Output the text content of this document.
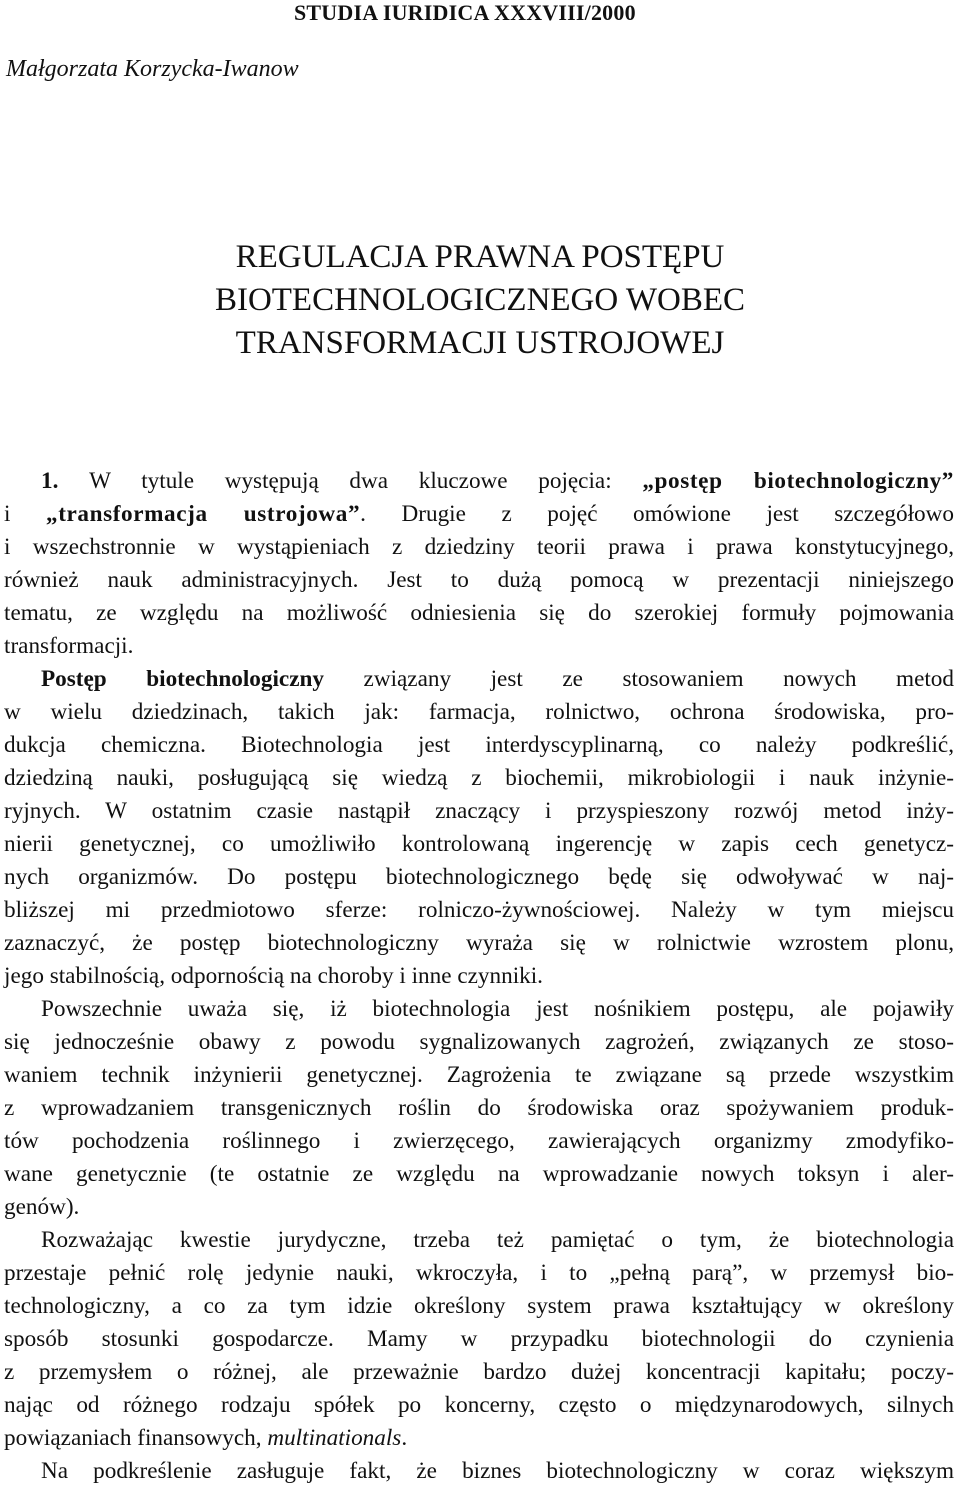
STUDIA IURIDICA XXXVIII/2000
Małgorzata Korzycka-Iwanow
REGULACJA PRAWNA POSTĘPU
BIOTECHNOLOGICZNEGO WOBEC
TRANSFORMACJI USTROJOWEJ
1. W tytule występują dwa kluczowe pojęcia: „postęp biotechnologiczny”
i „transformacja ustrojowa”. Drugie z pojęć omówione jest szczegółowo
i wszechstronnie w wystąpieniach z dziedziny teorii prawa i prawa konstytucyjnego,
również nauk administracyjnych. Jest to dużą pomocą w prezentacji niniejszego
tematu, ze względu na możliwość odniesienia się do szerokiej formuły pojmowania
transformacji.
Postęp biotechnologiczny związany jest ze stosowaniem nowych metod
w wielu dziedzinach, takich jak: farmacja, rolnictwo, ochrona środowiska, pro-
dukcja chemiczna. Biotechnologia jest interdyscyplinarną, co należy podkreślić,
dziedziną nauki, posługującą się wiedzą z biochemii, mikrobiologii i nauk inżynie-
ryjnych. W ostatnim czasie nastąpił znaczący i przyspieszony rozwój metod inży-
nierii genetycznej, co umożliwiło kontrolowaną ingerencję w zapis cech genetycz-
nych organizmów. Do postępu biotechnologicznego będę się odwoływać w naj-
bliższej mi przedmiotowo sferze: rolniczo-żywnościowej. Należy w tym miejscu
zaznaczyć, że postęp biotechnologiczny wyraża się w rolnictwie wzrostem plonu,
jego stabilnością, odpornością na choroby i inne czynniki.
Powszechnie uważa się, iż biotechnologia jest nośnikiem postępu, ale pojawiły
się jednocześnie obawy z powodu sygnalizowanych zagrożeń, związanych ze stoso-
waniem technik inżynierii genetycznej. Zagrożenia te związane są przede wszystkim
z wprowadzaniem transgenicznych roślin do środowiska oraz spożywaniem produk-
tów pochodzenia roślinnego i zwierzęcego, zawierających organizmy zmodyfiko-
wane genetycznie (te ostatnie ze względu na wprowadzanie nowych toksyn i aler-
genów).
Rozważając kwestie jurydyczne, trzeba też pamiętać o tym, że biotechnologia
przestaje pełnić rolę jedynie nauki, wkroczyła, i to „pełną parą”, w przemysł bio-
technologiczny, a co za tym idzie określony system prawa kształtujący w określony
sposób stosunki gospodarcze. Mamy w przypadku biotechnologii do czynienia
z przemysłem o różnej, ale przeważnie bardzo dużej koncentracji kapitału; poczy-
nając od różnego rodzaju spółek po koncerny, często o międzynarodowych, silnych
powiązaniach finansowych, multinationals.
Na podkreślenie zasługuje fakt, że biznes biotechnologiczny w coraz większym
